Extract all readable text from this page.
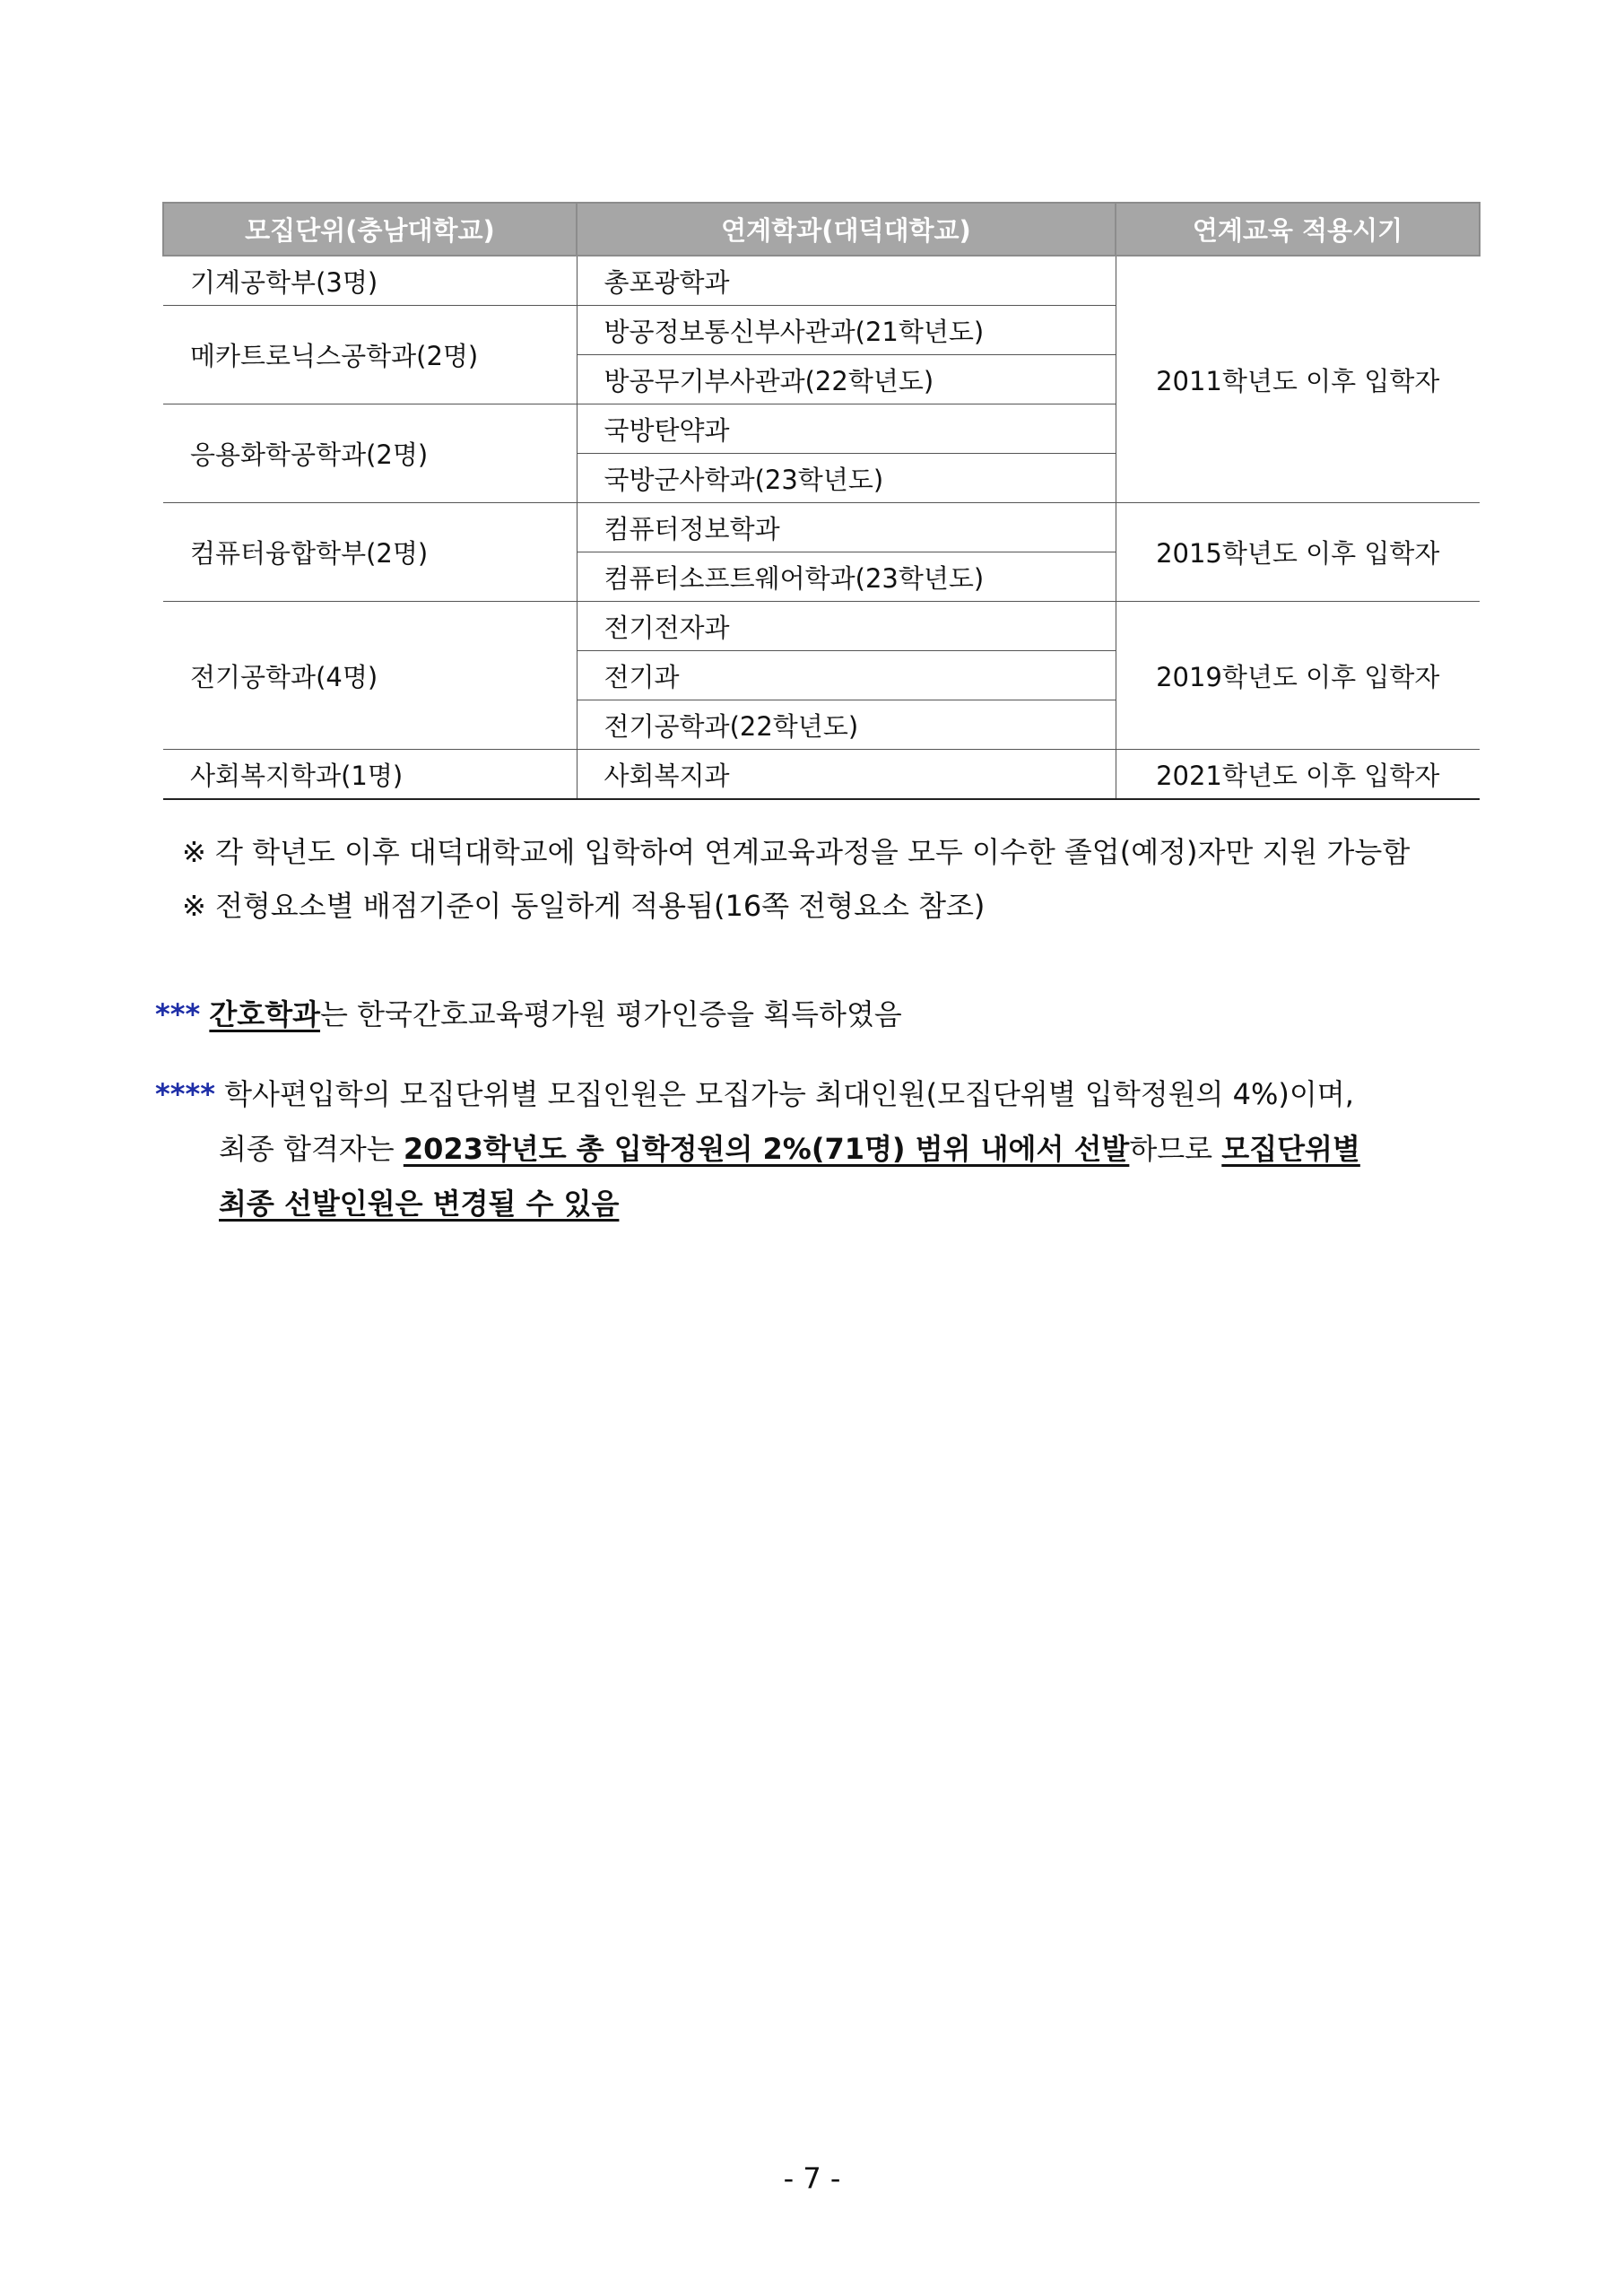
모집단위(충남대학교)	연계학과(대덕대학교)	연계교육 적용시기
기계공학부(3명)	총포광학과	2011학년도 이후 입학자
메카트로닉스공학과(2명)	방공정보통신부사관과(21학년도)	
	방공무기부사관과(22학년도)	
응용화학공학과(2명)	국방탄약과	
	국방군사학과(23학년도)	
컴퓨터융합학부(2명)	컴퓨터정보학과	2015학년도 이후 입학자
	컴퓨터소프트웨어학과(23학년도)	
전기공학과(4명)	전기전자과	2019학년도 이후 입학자
	전기과	
	전기공학과(22학년도)	
사회복지학과(1명)	사회복지과	2021학년도 이후 입학자
※ 각 학년도 이후 대덕대학교에 입학하여 연계교육과정을 모두 이수한 졸업(예정)자만 지원 가능함
※ 전형요소별 배점기준이 동일하게 적용됨(16쪽 전형요소 참조)
*** 간호학과는 한국간호교육평가원 평가인증을 획득하였음
**** 학사편입학의 모집단위별 모집인원은 모집가능 최대인원(모집단위별 입학정원의 4%)이며,
최종 합격자는 2023학년도 총 입학정원의 2%(71명) 범위 내에서 선발하므로 모집단위별
최종 선발인원은 변경될 수 있음
- 7 -
